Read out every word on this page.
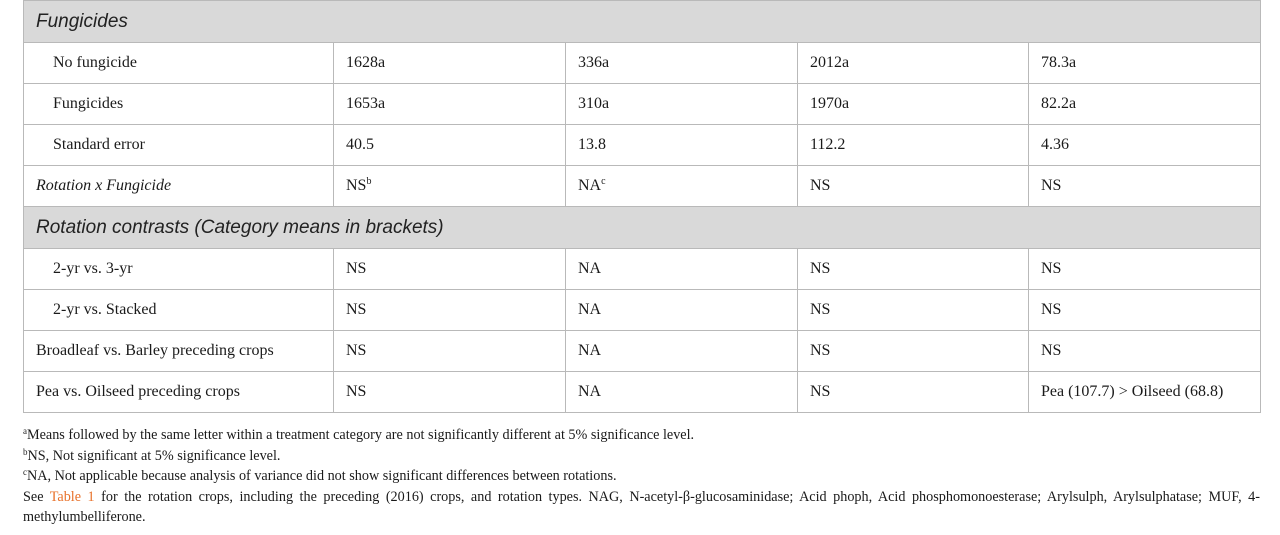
Fungicides				
No fungicide	1628a	336a	2012a	78.3a
Fungicides	1653a	310a	1970a	82.2a
Standard error	40.5	13.8	112.2	4.36
Rotation x Fungicide	$NS^b$	$NA^c$	NS	NS
Rotation contrasts (Category means in brackets)				
2-yr vs. 3-yr	NS	NA	NS	NS
2-yr vs. Stacked	NS	NA	NS	NS
Broadleaf vs. Barley preceding crops	NS	NA	NS	NS
Pea vs. Oilseed preceding crops	NS	NA	NS	Pea (107.7) > Oilseed (68.8)

$^a$Means followed by the same letter within a treatment category are not significantly different at 5% significance level.

$^b$NS, Not significant at 5% significance level.

$^c$NA, Not applicable because analysis of variance did not show significant differences between rotations.

See Table 1 for the rotation crops, including the preceding (2016) crops, and rotation types. NAG, N-acetyl-β-glucosaminidase; Acid phoph, Acid phosphomonoesterase; Arylsulph, Arylsulphatase; MUF, 4-methylumbelliferone.
